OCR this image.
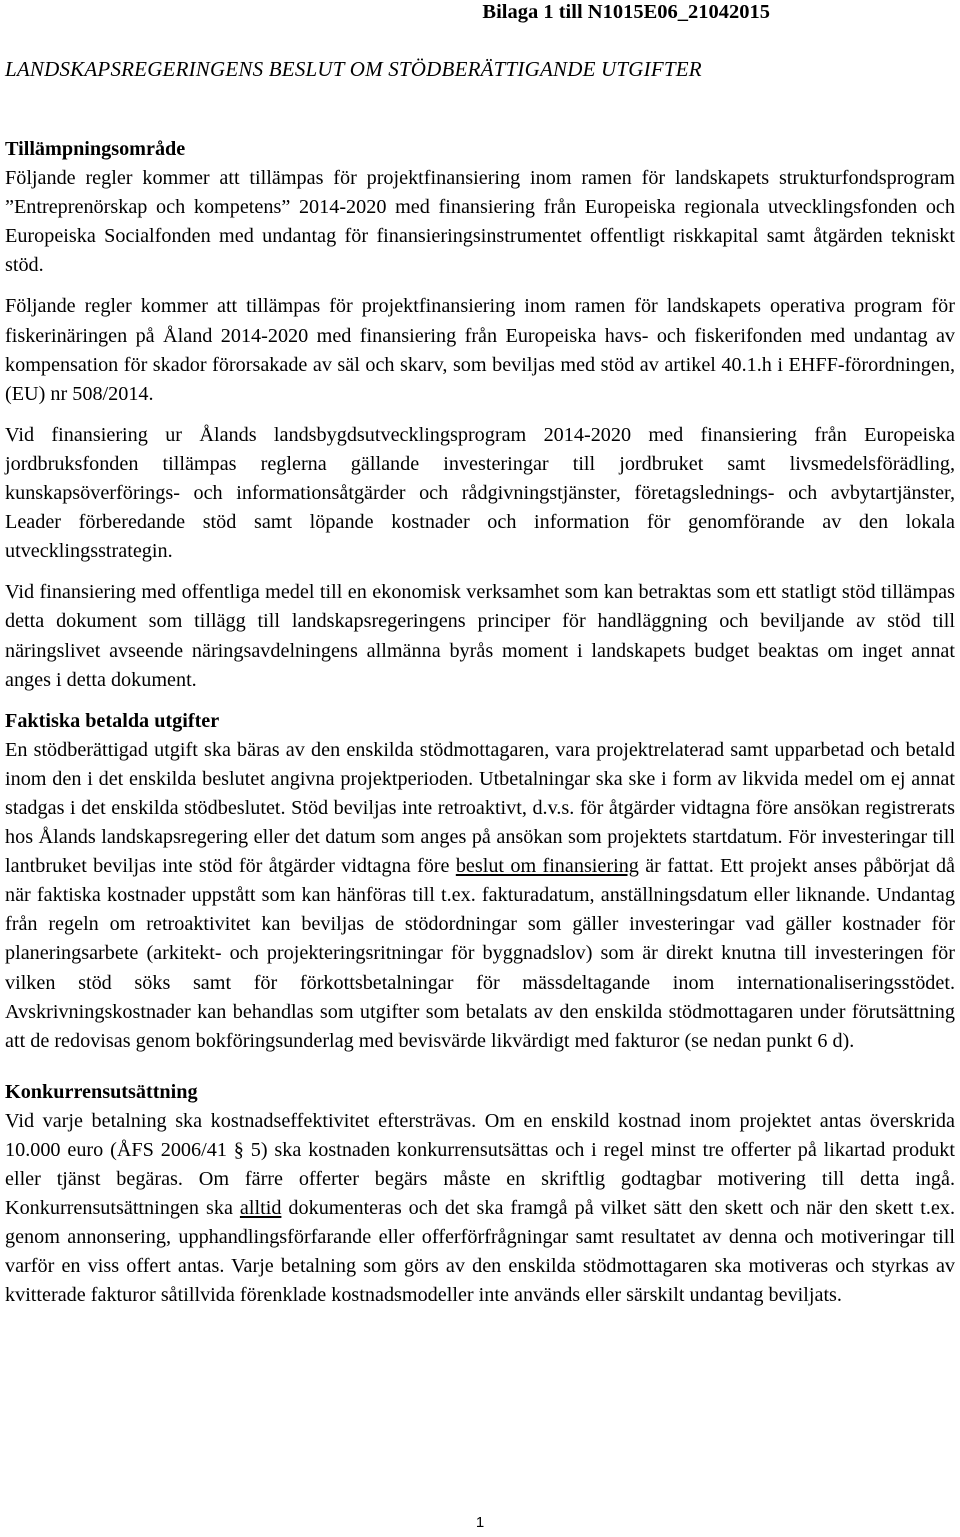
Bilaga 1 till N1015E06_21042015
LANDSKAPSREGERINGENS BESLUT OM STÖDBERÄTTIGANDE UTGIFTER
Tillämpningsområde

Följande regler kommer att tillämpas för projektfinansiering inom ramen för landskapets strukturfondsprogram ”Entreprenörskap och kompetens” 2014-2020 med finansiering från Europeiska regionala utvecklingsfonden och Europeiska Socialfonden med undantag för finansieringsinstrumentet offentligt riskkapital samt åtgärden tekniskt stöd.

Följande regler kommer att tillämpas för projektfinansiering inom ramen för landskapets operativa program för fiskerinäringen på Åland 2014-2020 med finansiering från Europeiska havs- och fiskerifonden med undantag av kompensation för skador förorsakade av säl och skarv, som beviljas med stöd av artikel 40.1.h i EHFF-förordningen, (EU) nr 508/2014.

Vid finansiering ur Ålands landsbygdsutvecklingsprogram 2014-2020 med finansiering från Europeiska jordbruksfonden tillämpas reglerna gällande investeringar till jordbruket samt livsmedelsförädling, kunskapsöverförings- och informationsåtgärder och rådgivningstjänster, företagslednings- och avbytartjänster, Leader förberedande stöd samt löpande kostnader och information för genomförande av den lokala utvecklingsstrategin.

Vid finansiering med offentliga medel till en ekonomisk verksamhet som kan betraktas som ett statligt stöd tillämpas detta dokument som tillägg till landskapsregeringens principer för handläggning och beviljande av stöd till näringslivet avseende näringsavdelningens allmänna byrås moment i landskapets budget beaktas om inget annat anges i detta dokument.

Faktiska betalda utgifter

En stödberättigad utgift ska bäras av den enskilda stödmottagaren, vara projektrelaterad samt upparbetad och betald inom den i det enskilda beslutet angivna projektperioden. Utbetalningar ska ske i form av likvida medel om ej annat stadgas i det enskilda stödbeslutet. Stöd beviljas inte retroaktivt, d.v.s. för åtgärder vidtagna före ansökan registrerats hos Ålands landskapsregering eller det datum som anges på ansökan som projektets startdatum. För investeringar till lantbruket beviljas inte stöd för åtgärder vidtagna före beslut om finansiering är fattat. Ett projekt anses påbörjat då när faktiska kostnader uppstått som kan hänföras till t.ex. fakturadatum, anställningsdatum eller liknande. Undantag från regeln om retroaktivitet kan beviljas de stödordningar som gäller investeringar vad gäller kostnader för planeringsarbete (arkitekt- och projekteringsritningar för byggnadslov) som är direkt knutna till investeringen för vilken stöd söks samt för förkottsbetalningar för mässdeltagande inom internationaliseringsstödet. Avskrivningskostnader kan behandlas som utgifter som betalats av den enskilda stödmottagaren under förutsättning att de redovisas genom bokföringsunderlag med bevisvärde likvärdigt med fakturor (se nedan punkt 6 d).

Konkurrensutsättning

Vid varje betalning ska kostnadseffektivitet eftersträvas. Om en enskild kostnad inom projektet antas överskrida 10.000 euro (ÅFS 2006/41 § 5) ska kostnaden konkurrensutsättas och i regel minst tre offerter på likartad produkt eller tjänst begäras. Om färre offerter begärs måste en skriftlig godtagbar motivering till detta ingå. Konkurrensutsättningen ska alltid dokumenteras och det ska framgå på vilket sätt den skett och när den skett t.ex. genom annonsering, upphandlingsförfarande eller offerförfrågningar samt resultatet av denna och motiveringar till varför en viss offert antas. Varje betalning som görs av den enskilda stödmottagaren ska motiveras och styrkas av kvitterade fakturor såtillvida förenklade kostnadsmodeller inte används eller särskilt undantag beviljats.

1
